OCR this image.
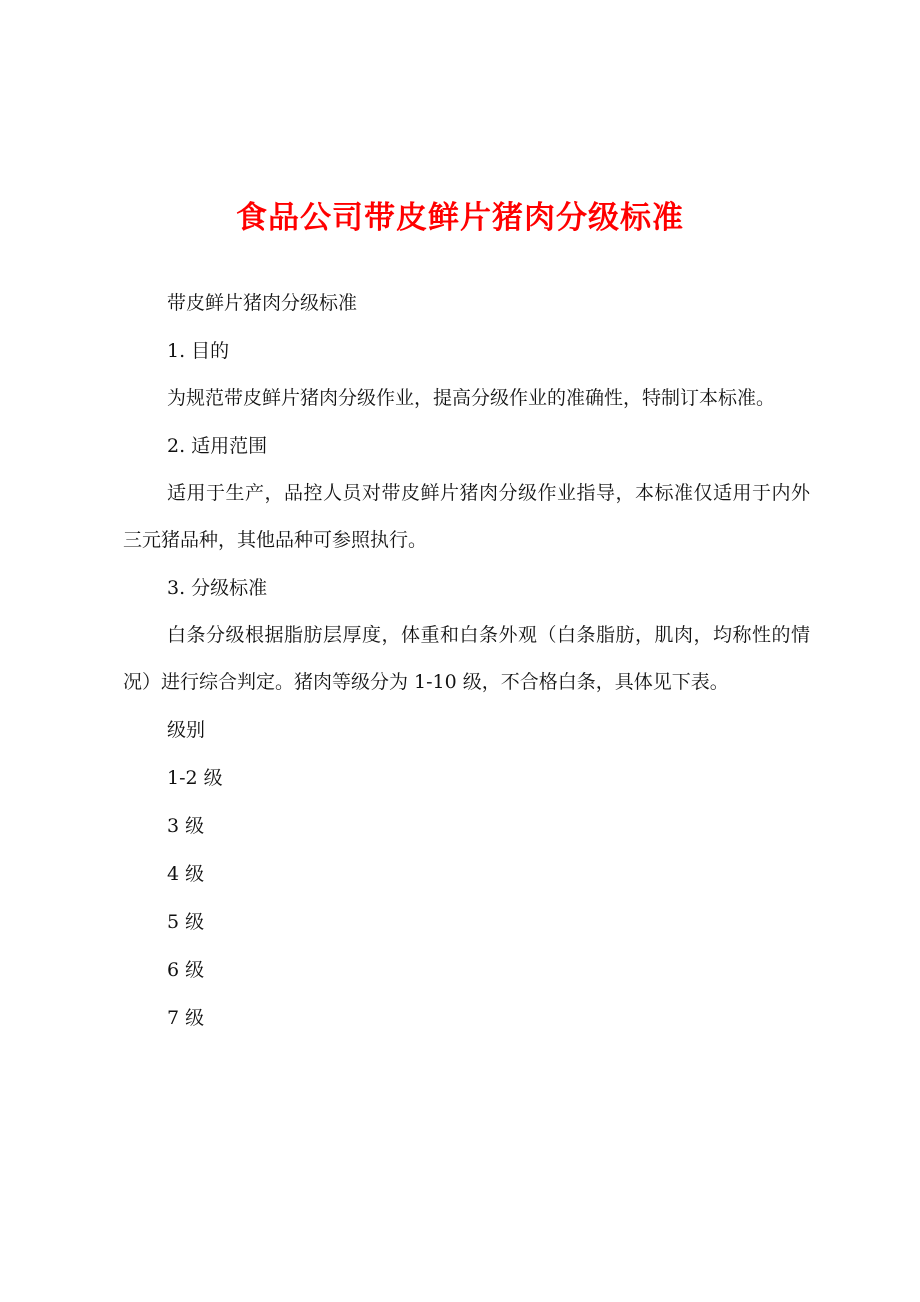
食品公司带皮鲜片猪肉分级标准

带皮鲜片猪肉分级标准

1. 目的

为规范带皮鲜片猪肉分级作业，提高分级作业的准确性，特制订本标准。

2. 适用范围

适用于生产，品控人员对带皮鲜片猪肉分级作业指导，本标准仅适用于内外三元猪品种，其他品种可参照执行。

3. 分级标准

白条分级根据脂肪层厚度，体重和白条外观（白条脂肪，肌肉，均称性的情况）进行综合判定。猪肉等级分为 1-10 级，不合格白条，具体见下表。

级别

1-2 级

3 级

4 级

5 级

6 级

7 级
